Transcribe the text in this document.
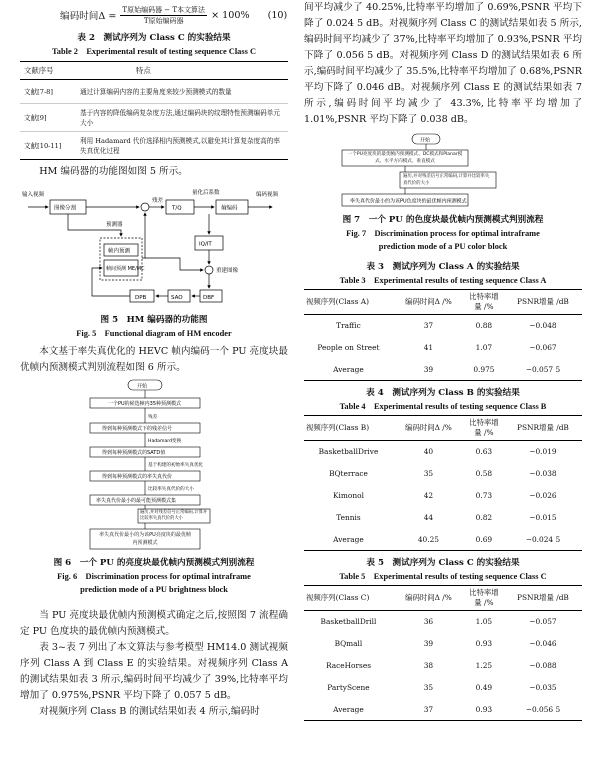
编码时间$\Delta = \frac{\text{T原始编码器 − T本文算法}}{\text{T原始编码器}} \times 100\%$ (10)
表 2　测试序列为 Class C 的实验结果
Table 2　Experimental result of testing sequence Class C
文献序号	特点
文献[7-8]	通过计算编码内容的主要角度来较少预测模式的数量
文献[9]	基于内容的降低编码复杂度方法,通过编码块的纹理特性预测编码单元大小
文献[10-11]	利用 Hadamard 代价选择相内预测模式,以避免其计算复杂度高的率失真优化过程

HM 编码器的功能图如图 5 所示。

输入视频
图像分割
预测器
残差
T/Q
量化后系数
熵编码
编码视频
IQ/IT
帧内预测
帧间预测 ME/MC	重建图像
DPB	SAO	DBF
图 5　HM 编码器的功能图
Fig. 5　Functional diagram of HM encoder

本文基于率失真优化的 HEVC 帧内编码一个 PU 亮度块最优帧内预测模式判别流程如图 6 所示。

开始
一个PU的候选帧内35种预测模式
残差
得到每种预测模式下的残差信号
Hadamard变换
得到每种预测模式的SATD值
基于构建的初始率失真优化
得到每种预测模式的率失真代价
比较率失真代价的大小
率失真代价最小的最可能预测模式集
遍历,并对残差信号正常编码,计算并比较率失真代价的大小
率失真代价最小的为该PU亮度块的最优帧内预测模式
图 6　一个 PU 的亮度块最优帧内预测模式判别流程
Fig. 6　Discrimination process for optimal intraframe
prediction mode of a PU brightness block

当 PU 亮度块最优帧内预测模式确定之后,按照图 7 流程确定 PU 色度块的最优帧内预测模式。

表 3~表 7 列出了本文算法与参考模型 HM14.0 测试视频序列 Class A 到 Class E 的实验结果。对视频序列 Class A 的测试结果如表 3 所示,编码时间平均减少了 39%,比特率平均增加了 0.975%,PSNR 平均下降了 0.057 5 dB。

对视频序列 Class B 的测试结果如表 4 所示,编码时

间平均减少了 40.25%,比特率平均增加了 0.69%,PSNR 平均下降了 0.024 5 dB。对视频序列 Class C 的测试结果如表 5 所示,编码时间平均减少了 37%,比特率平均增加了 0.93%,PSNR 平均下降了 0.056 5 dB。对视频序列 Class D 的测试结果如表 6 所示,编码时间平均减少了 35.5%,比特率平均增加了 0.68%,PSNR 平均下降了 0.046 dB。对视频序列 Class E 的测试结果如表 7 所示,编码时间平均减少了 43.3%,比特率平均增加了 1.01%,PSNR 平均下降了 0.038 dB。

开始
一个PU亮度块的最优帧内预测模式、DC模式和Planar模式、水平方向模式、垂直模式
遍历,并对残差信号正常编码,计算并比较率失真代价的大小
率失真代价最小的为该PU色度块的最优帧内预测模式
图 7　一个 PU 的色度块最优帧内预测模式判别流程
Fig. 7　Discrimination process for optimal intraframe
prediction mode of a PU color block
表 3　测试序列为 Class A 的实验结果
Table 3　Experimental results of testing sequence Class A
视频序列(Class A)	编码时间Δ /%	比特率增量 /%	PSNR增量 /dB
Traffic	37	0.88	−0.048
People on Street	41	1.07	−0.067
Average	39	0.975	−0.057 5
表 4　测试序列为 Class B 的实验结果
Table 4　Experimental results of testing sequence Class B
视频序列(Class B)	编码时间Δ /%	比特率增量 /%	PSNR增量 /dB
BasketballDrive	40	0.63	−0.019
BQterrace	35	0.58	−0.038
Kimonol	42	0.73	−0.026
Tennis	44	0.82	−0.015
Average	40.25	0.69	−0.024 5
表 5　测试序列为 Class C 的实验结果
Table 5　Experimental results of testing sequence Class C
视频序列(Class C)	编码时间Δ /%	比特率增量 /%	PSNR增量 /dB
BasketballDrill	36	1.05	−0.057
BQmall	39	0.93	−0.046
RaceHorses	38	1.25	−0.088
PartyScene	35	0.49	−0.035
Average	37	0.93	−0.056 5
